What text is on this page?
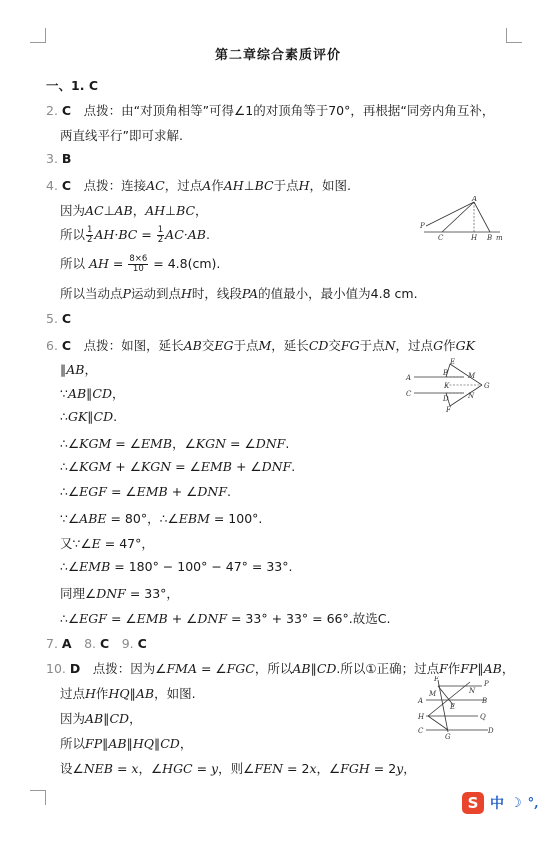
第二章综合素质评价
一、1. C
2. C　点拨：由“对顶角相等”可得∠1的对顶角等于70°，再根据“同旁内角互补，
两直线平行”即可求解.
3. B
4. C　点拨：连接AC，过点A作AH⊥BC于点H，如图.
因为AC⊥AB，AH⊥BC，
所以 $\frac{1}{2} AH\cdot BC = \frac{1}{2} AC\cdot AB$.
所以 AH = $\frac{8\times 6}{10} = 4.8(cm)$.
所以当动点P运动到点H时，线段PA的值最小，最小值为4.8 cm.
P
A
C	H B m
5. C
6. C　点拨：如图，延长AB交EG于点M，延长CD交FG于点N，过点G作GK
∥AB，
∵AB∥CD，
∴GK∥CD.
∴∠KGM = ∠EMB，∠KGN = ∠DNF.
∴∠KGM + ∠KGN = ∠EMB + ∠DNF.
∴∠EGF = ∠EMB + ∠DNF.
∵∠ABE = 80°，∴∠EBM = 100°.
又∵∠E = 47°，
∴∠EMB = 180° − 100° − 47° = 33°.
同理∠DNF = 33°，
∴∠EGF = ∠EMB + ∠DNF = 33° + 33° = 66°.故选C.
E
A
B	M
K	G
C
D	N
F
7. A　8. C　9. C
10. D　点拨：因为∠FMA = ∠FGC，所以AB∥CD.所以①正确；过点F作FP∥AB，
过点H作HQ∥AB，如图.
因为AB∥CD，
所以FP∥AB∥HQ∥CD，
设∠NEB = x，∠HGC = y，则∠FEN = 2x，∠FGH = 2y，
F
P
M	N
A
E
B
H	Q
C
G
D
S 中 ☽ °,
